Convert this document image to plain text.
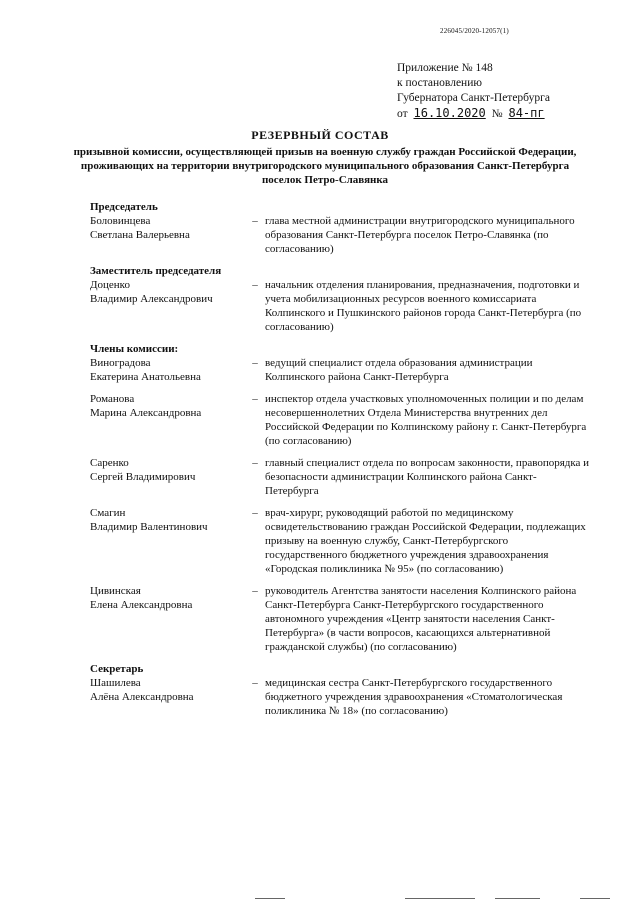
226045/2020-12057(1)
Приложение № 148
к постановлению
Губернатора Санкт-Петербурга
от 16.10.2020 № 84-пг
РЕЗЕРВНЫЙ СОСТАВ
призывной комиссии, осуществляющей призыв на военную службу граждан Российской Федерации, проживающих на территории внутригородского муниципального образования Санкт-Петербурга поселок Петро-Славянка
Председатель
Боловинцева
Светлана Валерьевна
– глава местной администрации внутригородского муниципального образования Санкт-Петербурга поселок Петро-Славянка (по согласованию)
Заместитель председателя
Доценко
Владимир Александрович
– начальник отделения планирования, предназначения, подготовки и учета мобилизационных ресурсов военного комиссариата Колпинского и Пушкинского районов города Санкт-Петербурга (по согласованию)
Члены комиссии:
Виноградова
Екатерина Анатольевна
– ведущий специалист отдела образования администрации Колпинского района Санкт-Петербурга
Романова
Марина Александровна
– инспектор отдела участковых уполномоченных полиции и по делам несовершеннолетних Отдела Министерства внутренних дел Российской Федерации по Колпинскому району г. Санкт-Петербурга (по согласованию)
Саренко
Сергей Владимирович
– главный специалист отдела по вопросам законности, правопорядка и безопасности администрации Колпинского района Санкт-Петербурга
Смагин
Владимир Валентинович
– врач-хирург, руководящий работой по медицинскому освидетельствованию граждан Российской Федерации, подлежащих призыву на военную службу, Санкт-Петербургского государственного бюджетного учреждения здравоохранения «Городская поликлиника № 95» (по согласованию)
Цивинская
Елена Александровна
– руководитель Агентства занятости населения Колпинского района Санкт-Петербурга Санкт-Петербургского государственного автономного учреждения «Центр занятости населения Санкт-Петербурга» (в части вопросов, касающихся альтернативной гражданской службы) (по согласованию)
Секретарь
Шашилева
Алёна Александровна
– медицинская сестра Санкт-Петербургского государственного бюджетного учреждения здравоохранения «Стоматологическая поликлиника № 18» (по согласованию)
